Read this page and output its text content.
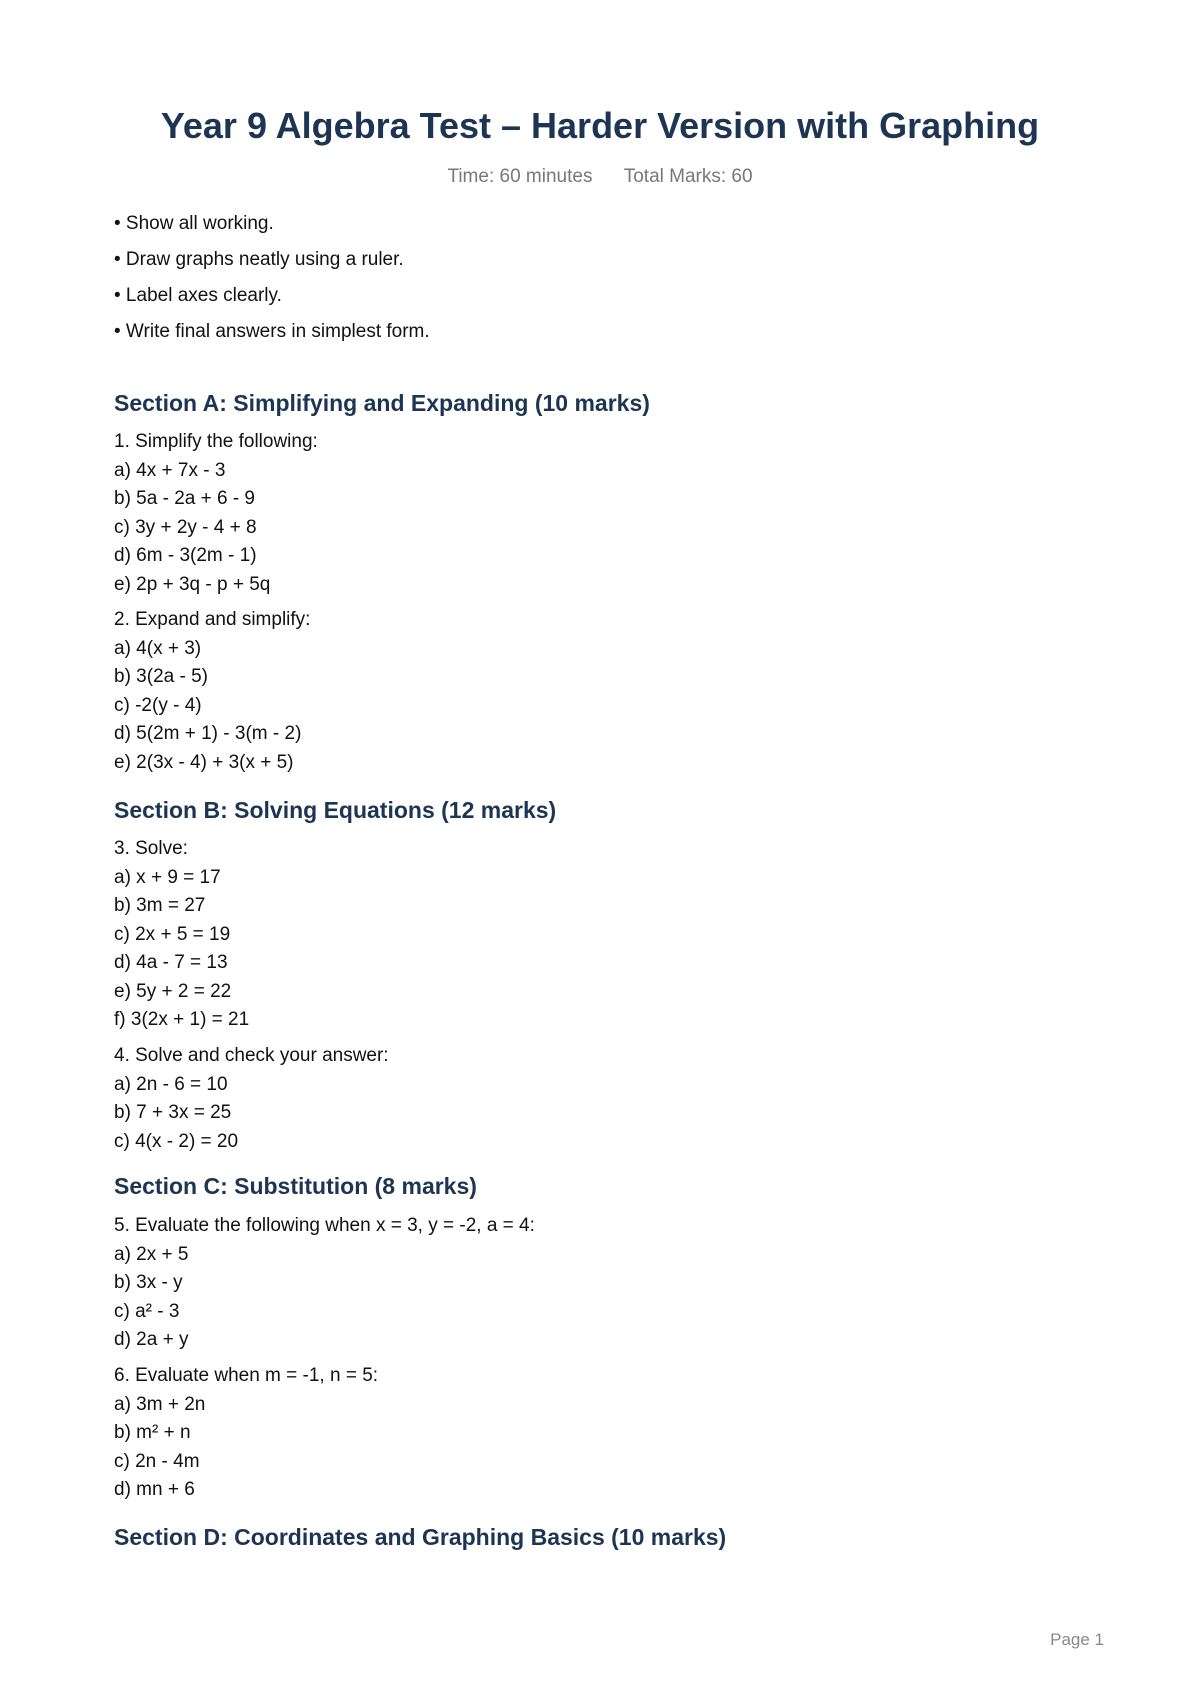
Year 9 Algebra Test – Harder Version with Graphing
Time: 60 minutes Total Marks: 60
• Show all working.
• Draw graphs neatly using a ruler.
• Label axes clearly.
• Write final answers in simplest form.
Section A: Simplifying and Expanding (10 marks)
1. Simplify the following:
a) 4x + 7x - 3
b) 5a - 2a + 6 - 9
c) 3y + 2y - 4 + 8
d) 6m - 3(2m - 1)
e) 2p + 3q - p + 5q
2. Expand and simplify:
a) 4(x + 3)
b) 3(2a - 5)
c) -2(y - 4)
d) 5(2m + 1) - 3(m - 2)
e) 2(3x - 4) + 3(x + 5)
Section B: Solving Equations (12 marks)
3. Solve:
a) x + 9 = 17
b) 3m = 27
c) 2x + 5 = 19
d) 4a - 7 = 13
e) 5y + 2 = 22
f) 3(2x + 1) = 21
4. Solve and check your answer:
a) 2n - 6 = 10
b) 7 + 3x = 25
c) 4(x - 2) = 20
Section C: Substitution (8 marks)
5. Evaluate the following when x = 3, y = -2, a = 4:
a) 2x + 5
b) 3x - y
c) a² - 3
d) 2a + y
6. Evaluate when m = -1, n = 5:
a) 3m + 2n
b) m² + n
c) 2n - 4m
d) mn + 6
Section D: Coordinates and Graphing Basics (10 marks)
Page 1
